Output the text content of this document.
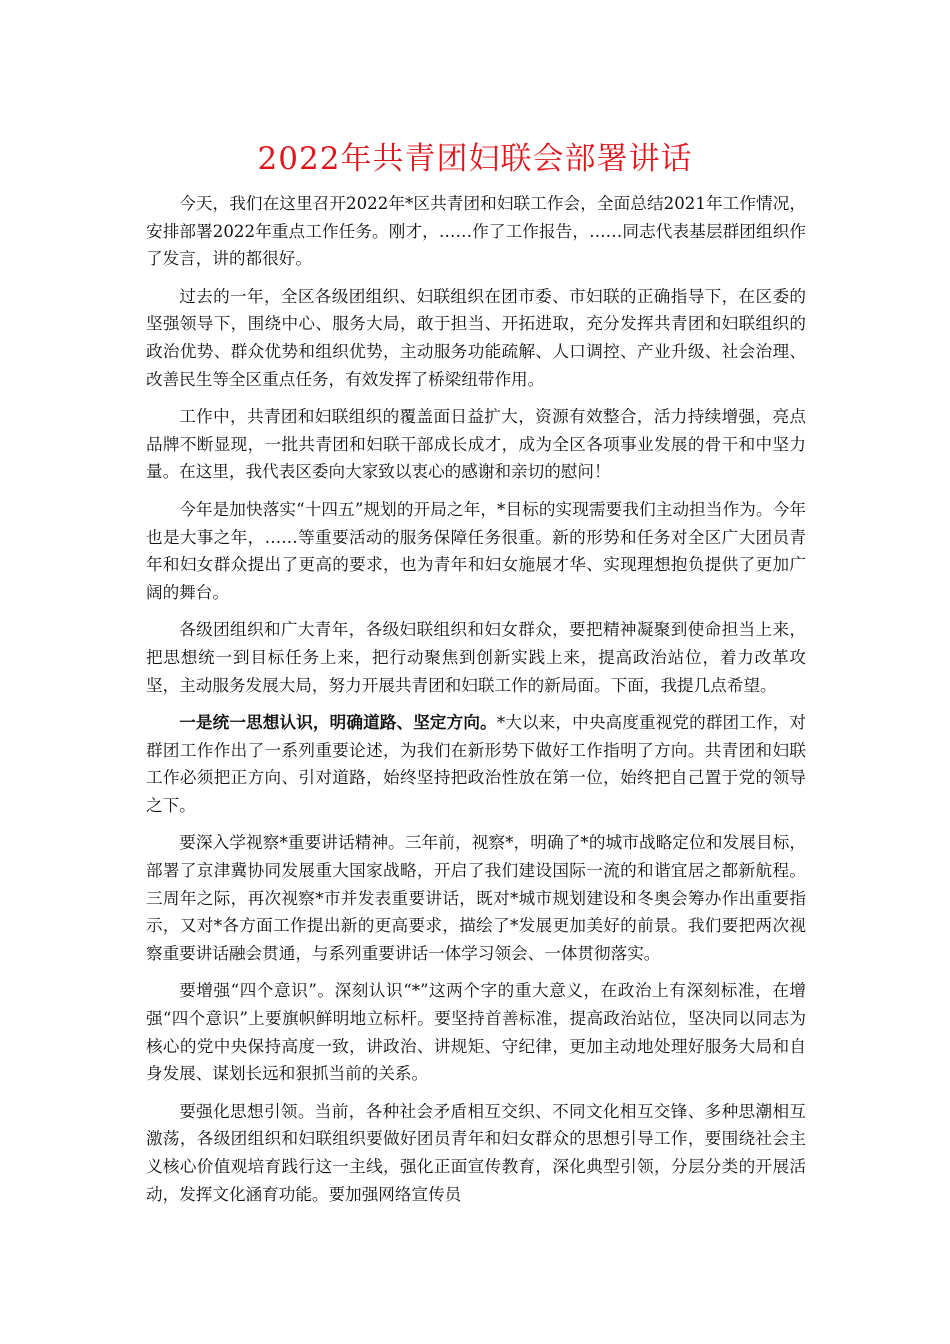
2022年共青团妇联会部署讲话

今天，我们在这里召开2022年*区共青团和妇联工作会，全面总结2021年工作情况，安排部署2022年重点工作任务。刚才，……作了工作报告，……同志代表基层群团组织作了发言，讲的都很好。

过去的一年，全区各级团组织、妇联组织在团市委、市妇联的正确指导下，在区委的坚强领导下，围绕中心、服务大局，敢于担当、开拓进取，充分发挥共青团和妇联组织的政治优势、群众优势和组织优势，主动服务功能疏解、人口调控、产业升级、社会治理、改善民生等全区重点任务，有效发挥了桥梁纽带作用。

工作中，共青团和妇联组织的覆盖面日益扩大，资源有效整合，活力持续增强，亮点品牌不断显现，一批共青团和妇联干部成长成才，成为全区各项事业发展的骨干和中坚力量。在这里，我代表区委向大家致以衷心的感谢和亲切的慰问！

今年是加快落实“十四五”规划的开局之年，*目标的实现需要我们主动担当作为。今年也是大事之年，……等重要活动的服务保障任务很重。新的形势和任务对全区广大团员青年和妇女群众提出了更高的要求，也为青年和妇女施展才华、实现理想抱负提供了更加广阔的舞台。

各级团组织和广大青年，各级妇联组织和妇女群众，要把精神凝聚到使命担当上来，把思想统一到目标任务上来，把行动聚焦到创新实践上来，提高政治站位，着力改革攻坚，主动服务发展大局，努力开展共青团和妇联工作的新局面。下面，我提几点希望。

一是统一思想认识，明确道路、坚定方向。*大以来，中央高度重视党的群团工作，对群团工作作出了一系列重要论述，为我们在新形势下做好工作指明了方向。共青团和妇联工作必须把正方向、引对道路，始终坚持把政治性放在第一位，始终把自己置于党的领导之下。

要深入学视察*重要讲话精神。三年前，视察*，明确了*的城市战略定位和发展目标，部署了京津冀协同发展重大国家战略，开启了我们建设国际一流的和谐宜居之都新航程。三周年之际，再次视察*市并发表重要讲话，既对*城市规划建设和冬奥会筹办作出重要指示，又对*各方面工作提出新的更高要求，描绘了*发展更加美好的前景。我们要把两次视察重要讲话融会贯通，与系列重要讲话一体学习领会、一体贯彻落实。

要增强“四个意识”。深刻认识“*”这两个字的重大意义，在政治上有深刻标准，在增强“四个意识”上要旗帜鲜明地立标杆。要坚持首善标准，提高政治站位，坚决同以同志为核心的党中央保持高度一致，讲政治、讲规矩、守纪律，更加主动地处理好服务大局和自身发展、谋划长远和狠抓当前的关系。

要强化思想引领。当前，各种社会矛盾相互交织、不同文化相互交锋、多种思潮相互激荡，各级团组织和妇联组织要做好团员青年和妇女群众的思想引导工作，要围绕社会主义核心价值观培育践行这一主线，强化正面宣传教育，深化典型引领，分层分类的开展活动，发挥文化涵育功能。要加强网络宣传员
